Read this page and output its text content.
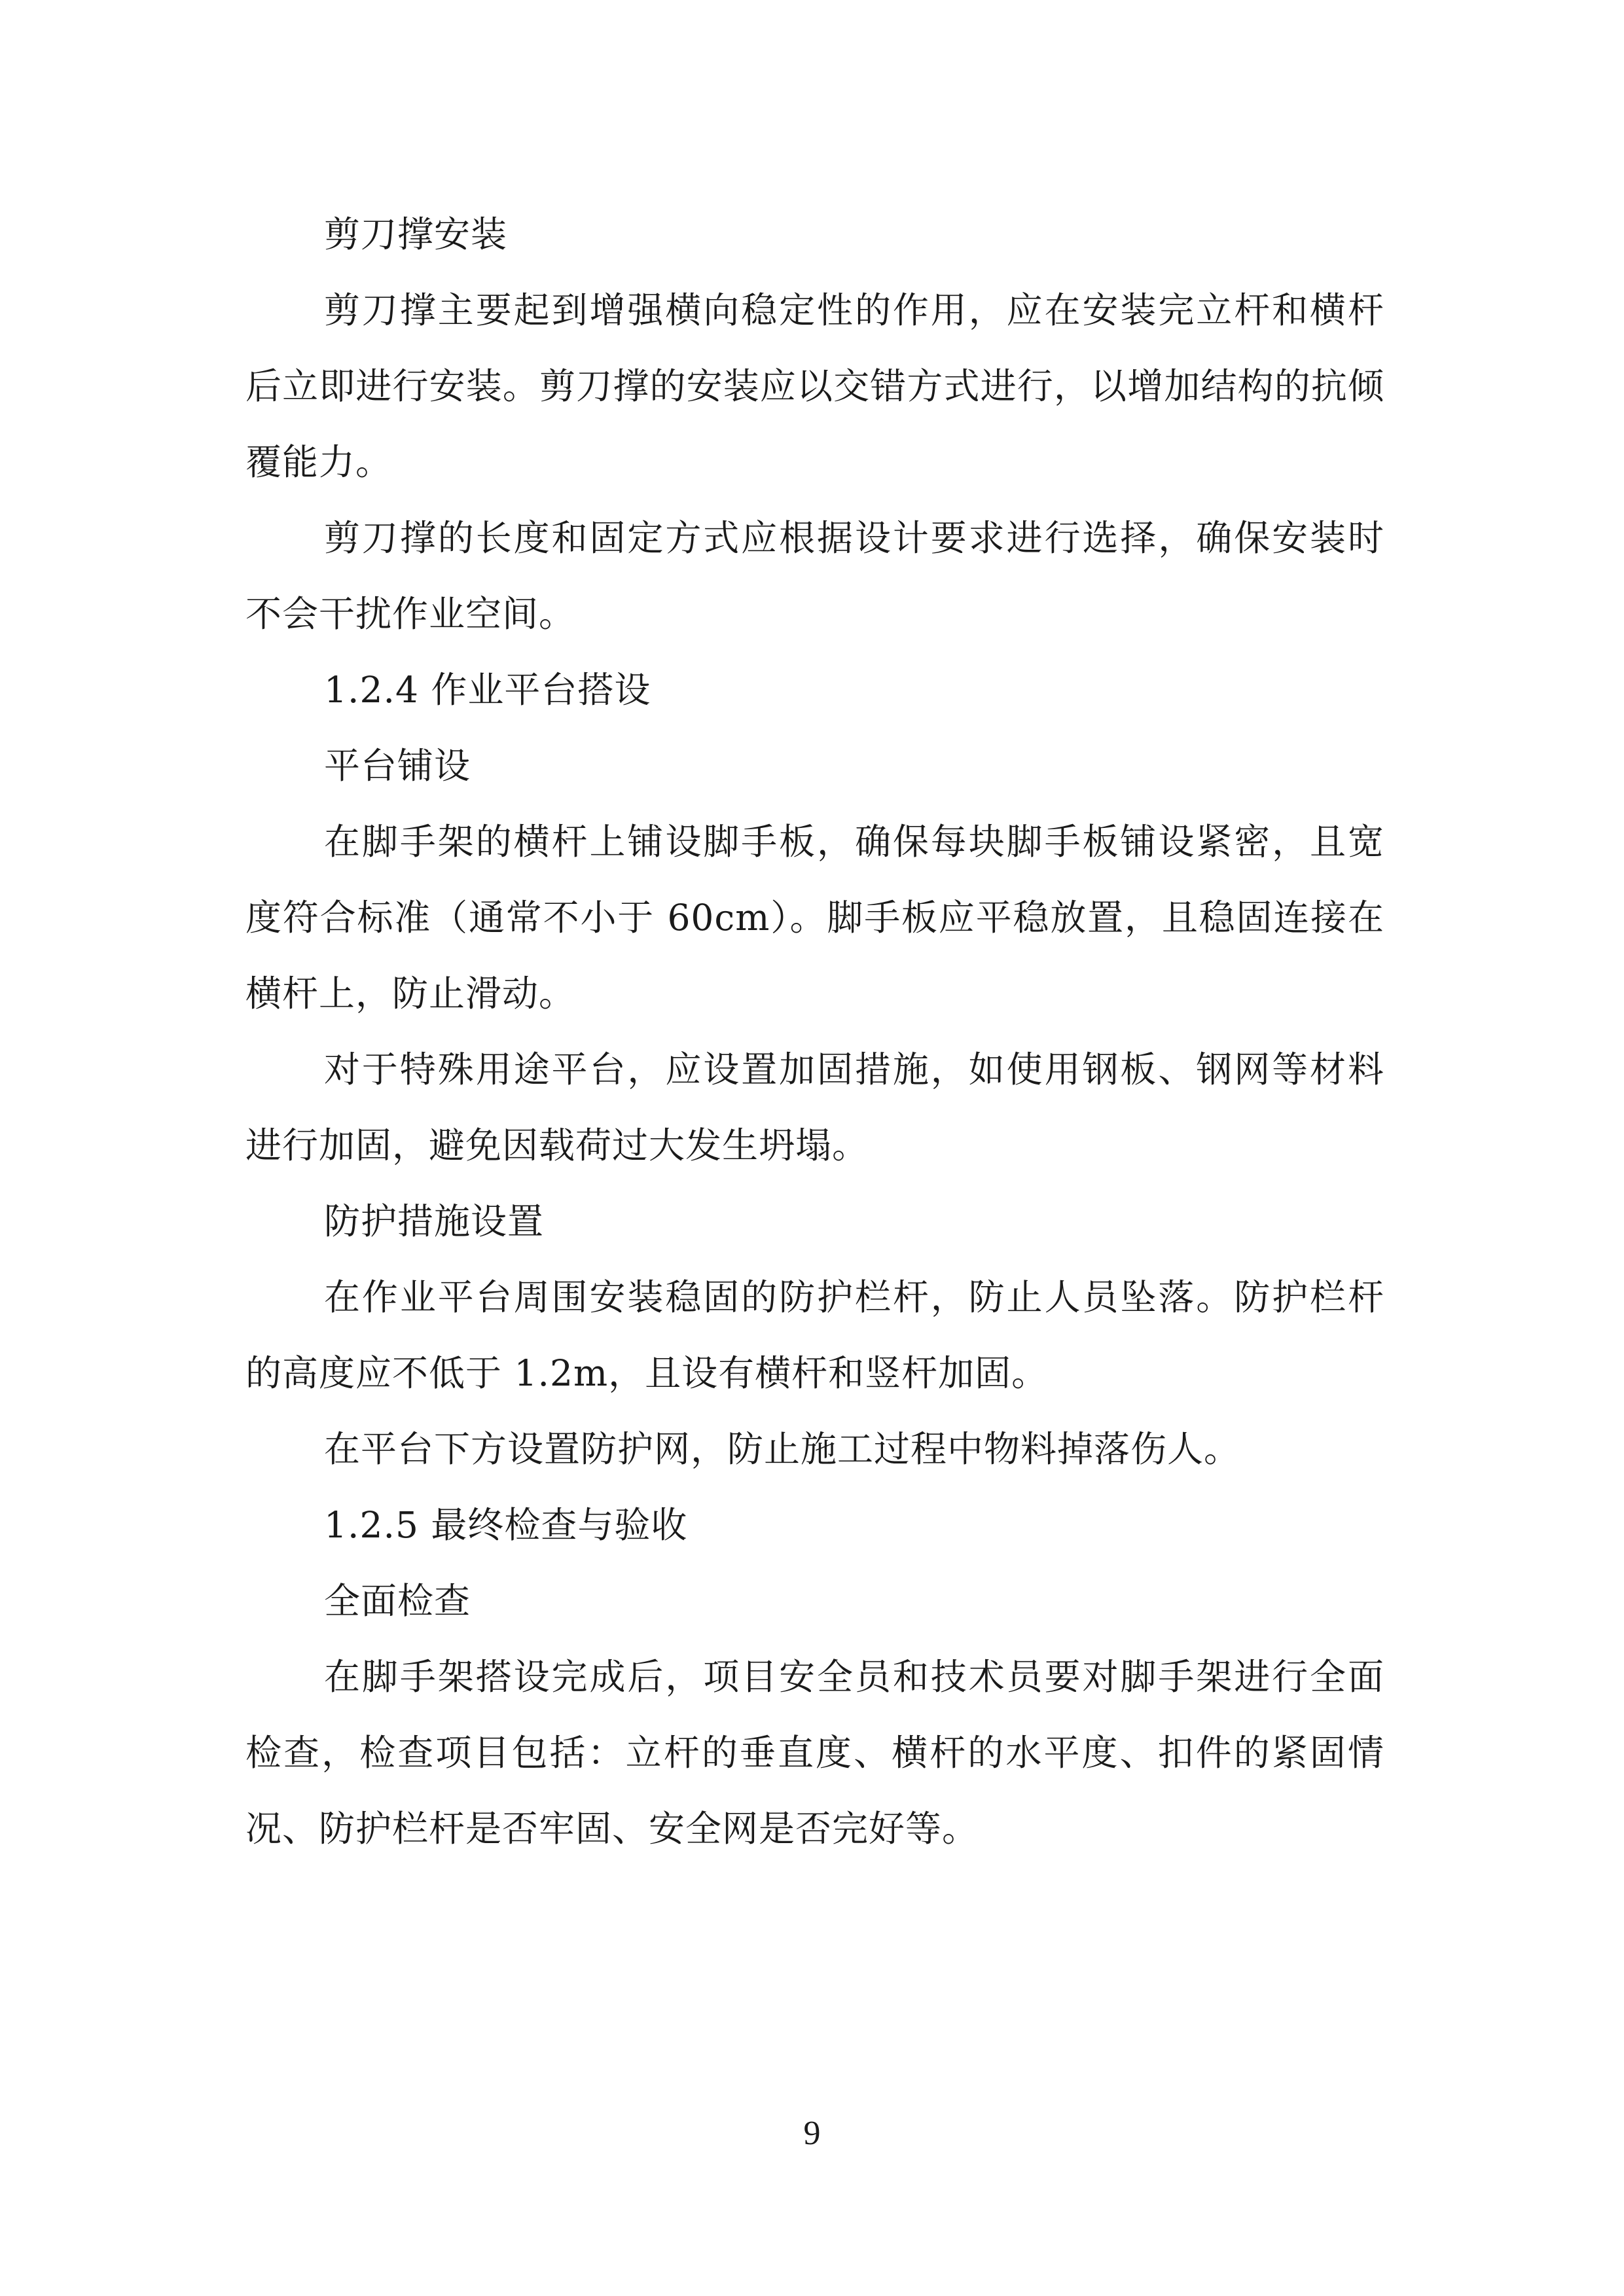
剪刀撑安装

剪刀撑主要起到增强横向稳定性的作用，应在安装完立杆和横杆后立即进行安装。剪刀撑的安装应以交错方式进行，以增加结构的抗倾覆能力。

剪刀撑的长度和固定方式应根据设计要求进行选择，确保安装时不会干扰作业空间。

1.2.4 作业平台搭设

平台铺设

在脚手架的横杆上铺设脚手板，确保每块脚手板铺设紧密，且宽度符合标准（通常不小于 60cm）。脚手板应平稳放置，且稳固连接在横杆上，防止滑动。

对于特殊用途平台，应设置加固措施，如使用钢板、钢网等材料进行加固，避免因载荷过大发生坍塌。

防护措施设置

在作业平台周围安装稳固的防护栏杆，防止人员坠落。防护栏杆的高度应不低于 1.2m，且设有横杆和竖杆加固。

在平台下方设置防护网，防止施工过程中物料掉落伤人。

1.2.5 最终检查与验收

全面检查

在脚手架搭设完成后，项目安全员和技术员要对脚手架进行全面检查，检查项目包括：立杆的垂直度、横杆的水平度、扣件的紧固情况、防护栏杆是否牢固、安全网是否完好等。

9
